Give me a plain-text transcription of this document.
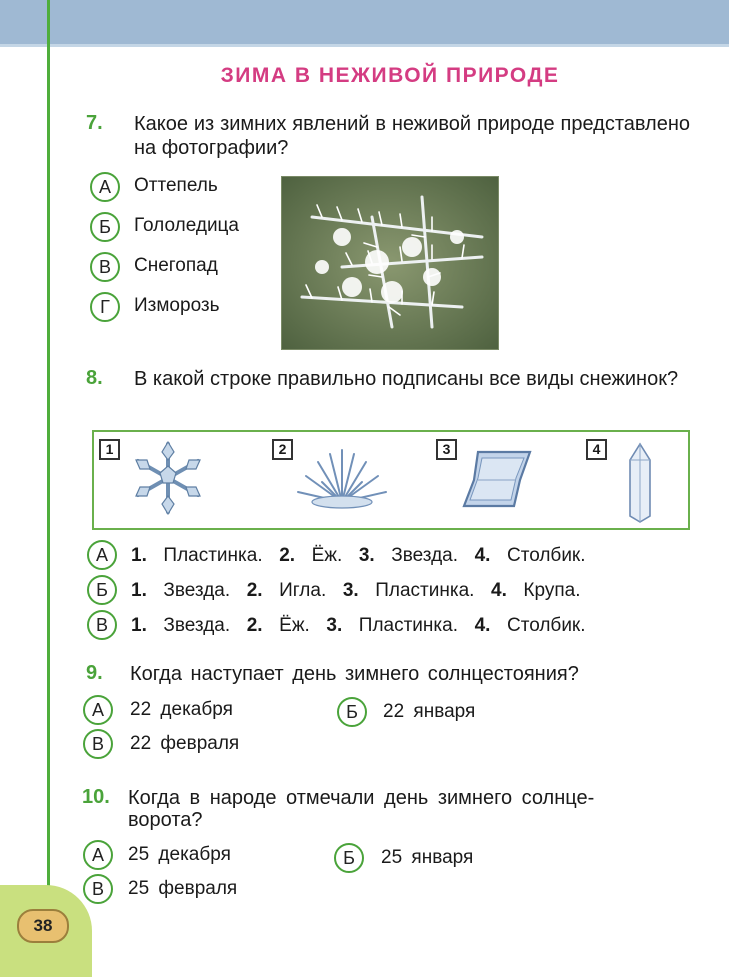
38
ЗИМА В НЕЖИВОЙ ПРИРОДЕ
7. Какое из зимних явлений в неживой природе представлено на фотографии?
А	Оттепель
Б	Гололедица
В	Снегопад
Г	Изморозь
8. В какой строке правильно подписаны все виды снежинок?
1	2	3	4
А	1. Пластинка. 2. Ёж. 3. Звезда. 4. Столбик.
Б	1. Звезда. 2. Игла. 3. Пластинка. 4. Крупа.
В	1. Звезда. 2. Ёж. 3. Пластинка. 4. Столбик.
9. Когда наступает день зимнего солнцестояния?
А	22 декабря	Б	22 января
В	22 февраля
10. Когда в народе отмечали день зимнего солнце-
ворота?
А	25 декабря	Б	25 января
В	25 февраля
